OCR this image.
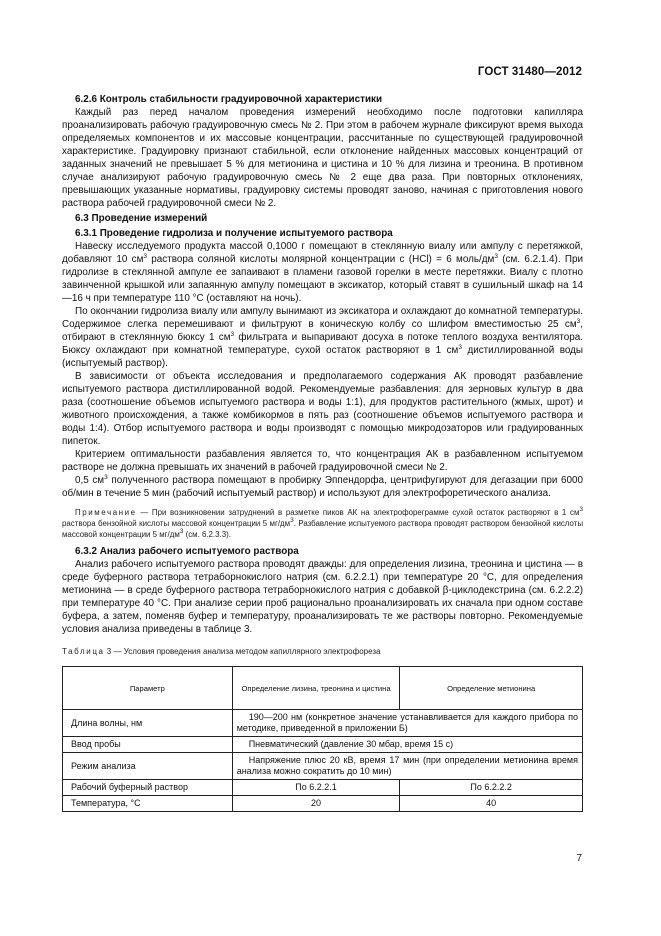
ГОСТ 31480—2012

6.2.6 Контроль стабильности градуировочной характеристики

Каждый раз перед началом проведения измерений необходимо после подготовки капилляра проанализировать рабочую градуировочную смесь № 2. При этом в рабочем журнале фиксируют время выхода определяемых компонентов и их массовые концентрации, рассчитанные по существующей градуировочной характеристике. Градуировку признают стабильной, если отклонение найденных массовых концентраций от заданных значений не превышает 5 % для метионина и цистина и 10 % для лизина и треонина. В противном случае анализируют рабочую градуировочную смесь № 2 еще два раза. При повторных отклонениях, превышающих указанные нормативы, градуировку системы проводят заново, начиная с приготовления нового раствора рабочей градуировочной смеси № 2.

6.3 Проведение измерений

6.3.1 Проведение гидролиза и получение испытуемого раствора

Навеску исследуемого продукта массой 0,1000 г помещают в стеклянную виалу или ампулу с перетяжкой, добавляют 10 $см^3$ раствора соляной кислоты молярной концентрации с (HCl) = 6 моль/$дм^3$ (см. 6.2.1.4). При гидролизе в стеклянной ампуле ее запаивают в пламени газовой горелки в месте перетяжки. Виалу с плотно завинченной крышкой или запаянную ампулу помещают в эксикатор, который ставят в сушильный шкаф на 14—16 ч при температуре 110 °С (оставляют на ночь).

По окончании гидролиза виалу или ампулу вынимают из эксикатора и охлаждают до комнатной температуры. Содержимое слегка перемешивают и фильтруют в коническую колбу со шлифом вместимостью 25 $см^3$, отбирают в стеклянную бюксу 1 $см^3$ фильтрата и выпаривают досуха в потоке теплого воздуха вентилятора. Бюксу охлаждают при комнатной температуре, сухой остаток растворяют в 1 $см^3$ дистиллированной воды (испытуемый раствор).

В зависимости от объекта исследования и предполагаемого содержания АК проводят разбавление испытуемого раствора дистиллированной водой. Рекомендуемые разбавления: для зерновых культур в два раза (соотношение объемов испытуемого раствора и воды 1:1), для продуктов растительного (жмых, шрот) и животного происхождения, а также комбикормов в пять раз (соотношение объемов испытуемого раствора и воды 1:4). Отбор испытуемого раствора и воды производят с помощью микродозаторов или градуированных пипеток.

Критерием оптимальности разбавления является то, что концентрация АК в разбавленном испытуемом растворе не должна превышать их значений в рабочей градуировочной смеси № 2.

0,5 $см^3$ полученного раствора помещают в пробирку Эппендорфа, центрифугируют для дегазации при 6000 об/мин в течение 5 мин (рабочий испытуемый раствор) и используют для электрофоретического анализа.

Примечание — При возникновении затруднений в разметке пиков АК на электрофореграмме сухой остаток растворяют в 1 $см^3$ раствора бензойной кислоты массовой концентрации 5 $мг/дм^3$. Разбавление испытуемого раствора проводят раствором бензойной кислоты массовой концентрации 5 $мг/дм^3$ (см. 6.2.3.3).

6.3.2 Анализ рабочего испытуемого раствора

Анализ рабочего испытуемого раствора проводят дважды: для определения лизина, треонина и цистина — в среде буферного раствора тетраборнокислого натрия (см. 6.2.2.1) при температуре 20 °С, для определения метионина — в среде буферного раствора тетраборнокислого натрия с добавкой β-циклодекстрина (см. 6.2.2.2) при температуре 40 °С. При анализе серии проб рационально проанализировать их сначала при одном составе буфера, а затем, поменяв буфер и температуру, проанализировать те же растворы повторно. Рекомендуемые условия анализа приведены в таблице 3.

Таблица 3 — Условия проведения анализа методом капиллярного электрофореза
Параметр	Определение лизина, треонина и цистина	Определение метионина
Длина волны, нм	190—200 нм (конкретное значение устанавливается для каждого прибора по методике, приведенной в приложении Б)	
Ввод пробы	Пневматический (давление 30 мбар, время 15 с)	
Режим анализа	Напряжение плюс 20 кВ, время 17 мин (при определении метионина время анализа можно сократить до 10 мин)	
Рабочий буферный раствор	По 6.2.2.1	По 6.2.2.2
Температура, °С	20	40
7
